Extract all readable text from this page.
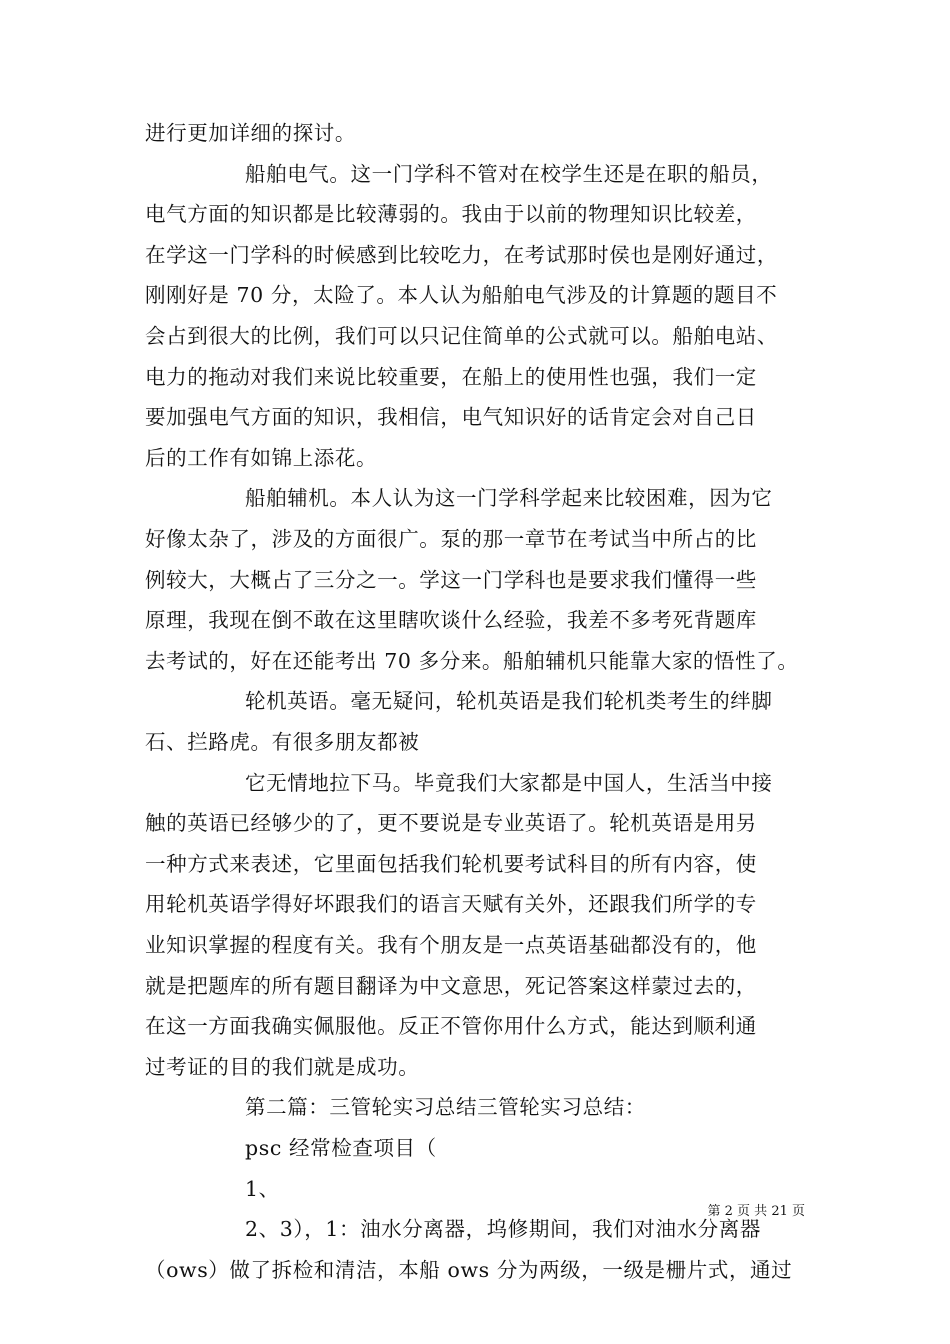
进行更加详细的探讨。
船舶电气。这一门学科不管对在校学生还是在职的船员，
电气方面的知识都是比较薄弱的。我由于以前的物理知识比较差，
在学这一门学科的时候感到比较吃力，在考试那时侯也是刚好通过，
刚刚好是 70 分，太险了。本人认为船舶电气涉及的计算题的题目不
会占到很大的比例，我们可以只记住简单的公式就可以。船舶电站、
电力的拖动对我们来说比较重要，在船上的使用性也强，我们一定
要加强电气方面的知识，我相信，电气知识好的话肯定会对自己日
后的工作有如锦上添花。
船舶辅机。本人认为这一门学科学起来比较困难，因为它
好像太杂了，涉及的方面很广。泵的那一章节在考试当中所占的比
例较大，大概占了三分之一。学这一门学科也是要求我们懂得一些
原理，我现在倒不敢在这里瞎吹谈什么经验，我差不多考死背题库
去考试的，好在还能考出 70 多分来。船舶辅机只能靠大家的悟性了。
轮机英语。毫无疑问，轮机英语是我们轮机类考生的绊脚
石、拦路虎。有很多朋友都被
它无情地拉下马。毕竟我们大家都是中国人，生活当中接
触的英语已经够少的了，更不要说是专业英语了。轮机英语是用另
一种方式来表述，它里面包括我们轮机要考试科目的所有内容，使
用轮机英语学得好坏跟我们的语言天赋有关外，还跟我们所学的专
业知识掌握的程度有关。我有个朋友是一点英语基础都没有的，他
就是把题库的所有题目翻译为中文意思，死记答案这样蒙过去的，
在这一方面我确实佩服他。反正不管你用什么方式，能达到顺利通
过考证的目的我们就是成功。
第二篇：三管轮实习总结三管轮实习总结：
psc 经常检查项目（
1、
2、3），1：油水分离器，坞修期间，我们对油水分离器
（ows）做了拆检和清洁，本船 ows 分为两级，一级是栅片式，通过
第 2 页 共 21 页
